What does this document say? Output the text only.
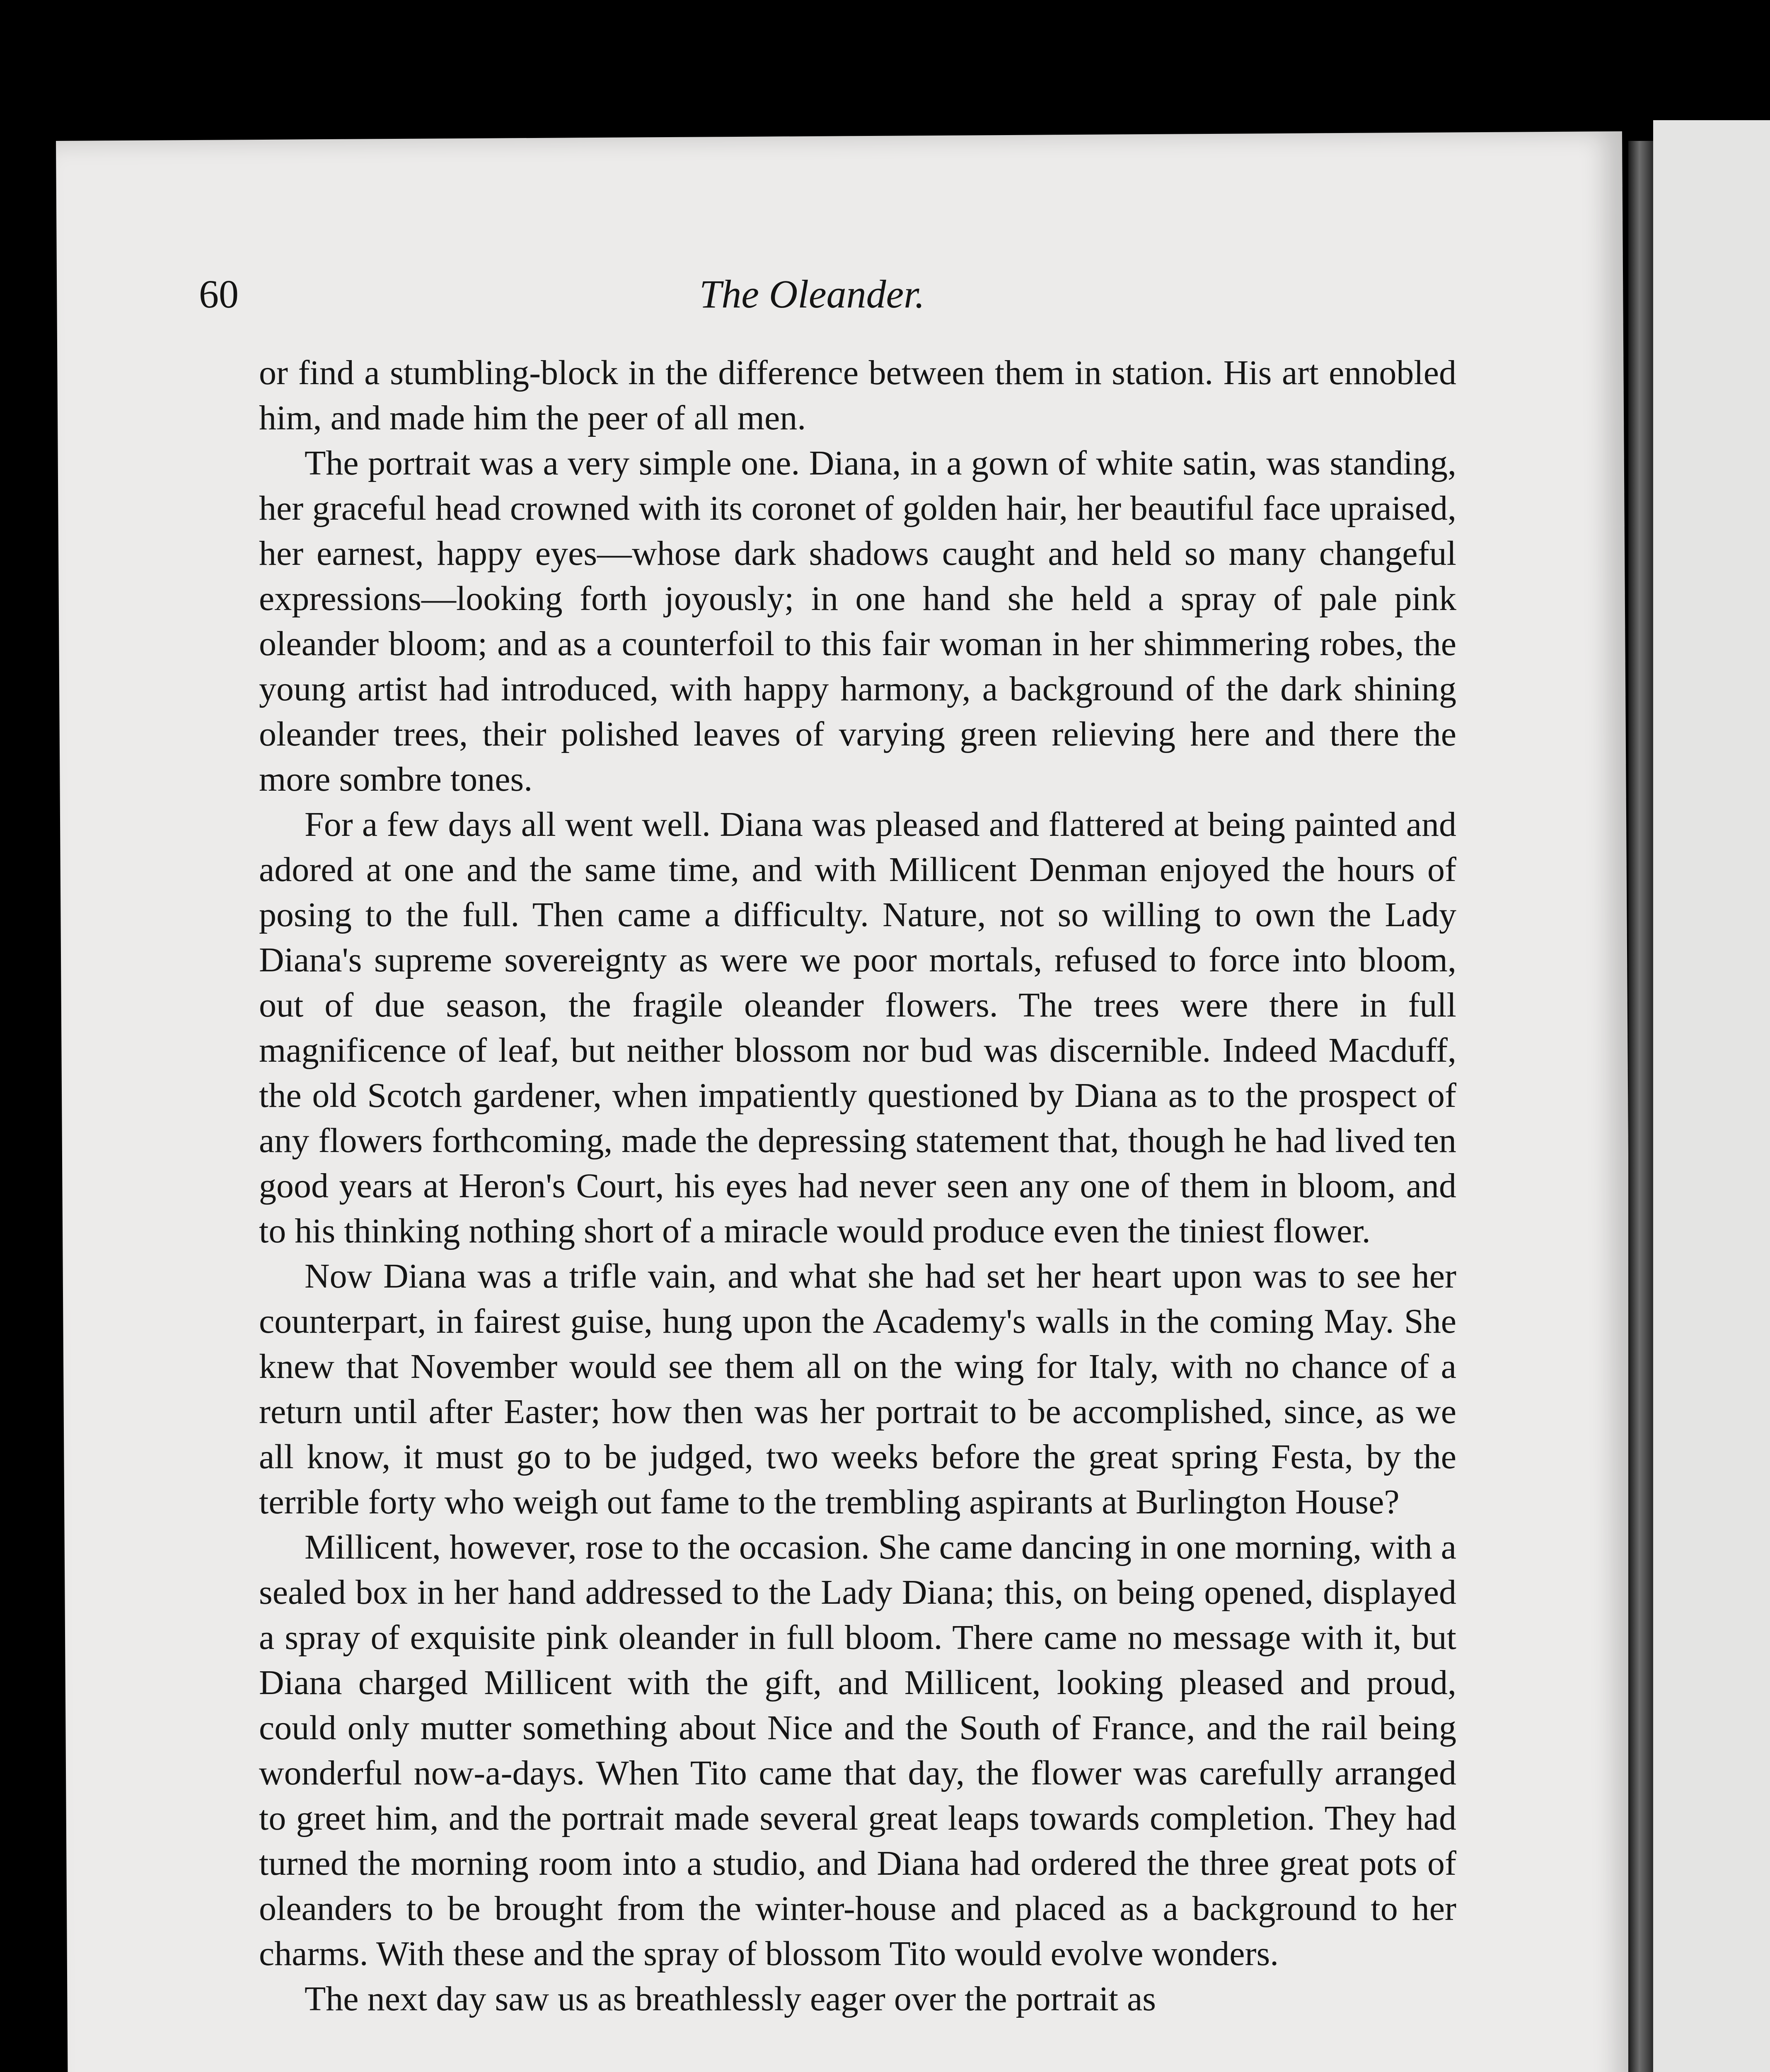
60	The Oleander.

or find a stumbling-block in the difference between them in station. His art ennobled him, and made him the peer of all men.

The portrait was a very simple one. Diana, in a gown of white satin, was standing, her graceful head crowned with its coronet of golden hair, her beautiful face upraised, her earnest, happy eyes—whose dark shadows caught and held so many changeful expressions—looking forth joyously; in one hand she held a spray of pale pink oleander bloom; and as a counterfoil to this fair woman in her shimmering robes, the young artist had introduced, with happy harmony, a background of the dark shining oleander trees, their polished leaves of varying green relieving here and there the more sombre tones.

For a few days all went well. Diana was pleased and flattered at being painted and adored at one and the same time, and with Millicent Denman enjoyed the hours of posing to the full. Then came a difficulty. Nature, not so willing to own the Lady Diana's supreme sovereignty as were we poor mortals, refused to force into bloom, out of due season, the fragile oleander flowers. The trees were there in full magnificence of leaf, but neither blossom nor bud was discernible. Indeed Macduff, the old Scotch gardener, when impatiently questioned by Diana as to the prospect of any flowers forthcoming, made the depressing statement that, though he had lived ten good years at Heron's Court, his eyes had never seen any one of them in bloom, and to his thinking nothing short of a miracle would produce even the tiniest flower.

Now Diana was a trifle vain, and what she had set her heart upon was to see her counterpart, in fairest guise, hung upon the Academy's walls in the coming May. She knew that November would see them all on the wing for Italy, with no chance of a return until after Easter; how then was her portrait to be accomplished, since, as we all know, it must go to be judged, two weeks before the great spring Festa, by the terrible forty who weigh out fame to the trembling aspirants at Burlington House?

Millicent, however, rose to the occasion. She came dancing in one morning, with a sealed box in her hand addressed to the Lady Diana; this, on being opened, displayed a spray of exquisite pink oleander in full bloom. There came no message with it, but Diana charged Millicent with the gift, and Millicent, looking pleased and proud, could only mutter something about Nice and the South of France, and the rail being wonderful now-a-days. When Tito came that day, the flower was carefully arranged to greet him, and the portrait made several great leaps towards completion. They had turned the morning room into a studio, and Diana had ordered the three great pots of oleanders to be brought from the winter-house and placed as a background to her charms. With these and the spray of blossom Tito would evolve wonders.

The next day saw us as breathlessly eager over the portrait as
